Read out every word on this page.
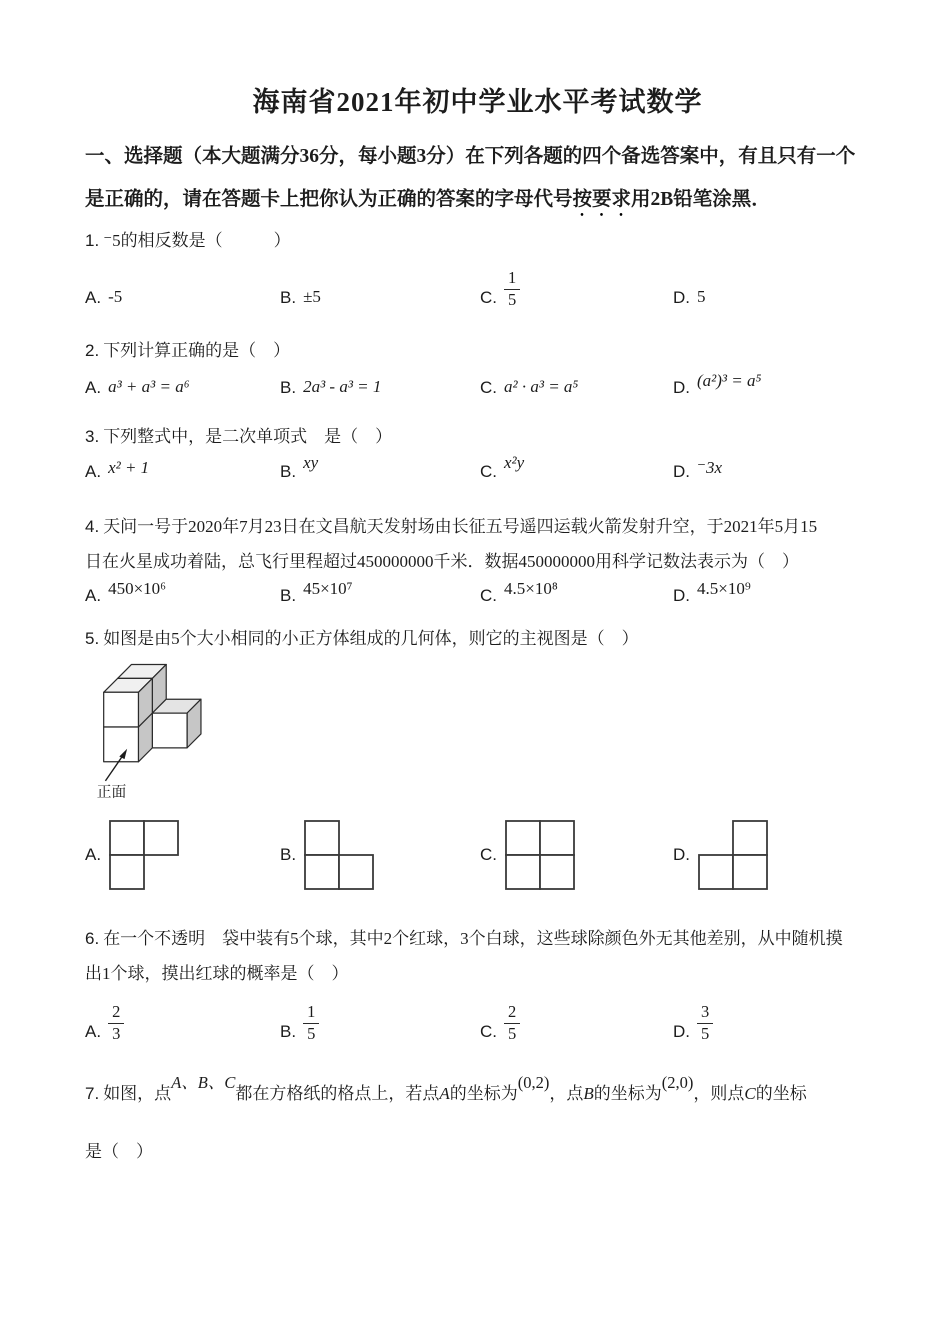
海南省2021年初中学业水平考试数学
一、选择题（本大题满分36分，每小题3分）在下列各题的四个备选答案中，有且只有一个
是正确的，请在答题卡上把你认为正确的答案的字母代号按要求用2B铅笔涂黑．
1. ⁻5的相反数是（　　　）
A. -5	B. ±5	C. $\frac{1}{5}$	D. 5
2. 下列计算正确的是（　）
A. a³ + a³ = a⁶	B. 2a³ - a³ = 1	C. a² · a³ = a⁵	D. (a²)³ = a⁵
3. 下列整式中，是二次单项式　是（　）
A. x² + 1	B. xy	C. x²y	D. ⁻3x
4. 天问一号于2020年7月23日在文昌航天发射场由长征五号遥四运载火箭发射升空，于2021年5月15
日在火星成功着陆，总飞行里程超过450000000千米．数据450000000用科学记数法表示为（　）
A. 450×10⁶	B. 45×10⁷	C. 4.5×10⁸	D. 4.5×10⁹
5. 如图是由5个大小相同的小正方体组成的几何体，则它的主视图是（　）
正面
A.	B.	C.	D.
6. 在一个不透明　袋中装有5个球，其中2个红球，3个白球，这些球除颜色外无其他差别，从中随机摸
出1个球，摸出红球的概率是（　）
A. $\frac{2}{3}$	B. $\frac{1}{5}$	C. $\frac{2}{5}$	D. $\frac{3}{5}$
7. 如图，点A、B、C都在方格纸的格点上，若点A的坐标为(0,2)，点B的坐标为(2,0)，则点C的坐标
是（　）
